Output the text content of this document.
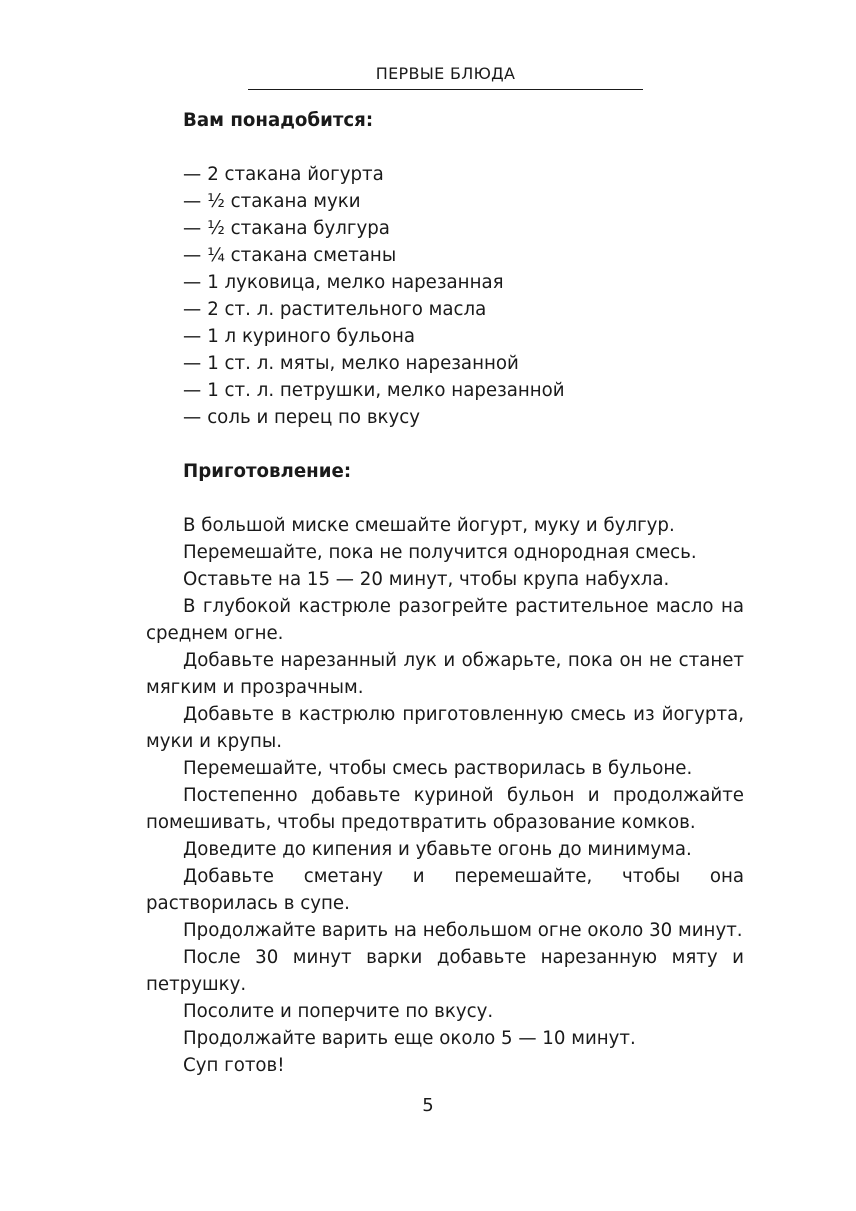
ПЕРВЫЕ БЛЮДА

Вам понадобится:

— 2 стакана йогурта
— ½ стакана муки
— ½ стакана булгура
— ¼ стакана сметаны
— 1 луковица, мелко нарезанная
— 2 ст. л. растительного масла
— 1 л куриного бульона
— 1 ст. л. мяты, мелко нарезанной
— 1 ст. л. петрушки, мелко нарезанной
— соль и перец по вкусу

Приготовление:

В большой миске смешайте йогурт, муку и булгур.

Перемешайте, пока не получится однородная смесь.

Оставьте на 15 — 20 минут, чтобы крупа набухла.

В глубокой кастрюле разогрейте растительное масло на среднем огне.

Добавьте нарезанный лук и обжарьте, пока он не станет мягким и прозрачным.

Добавьте в кастрюлю приготовленную смесь из йогурта, муки и крупы.

Перемешайте, чтобы смесь растворилась в бульоне.

Постепенно добавьте куриной бульон и продолжайте помешивать, чтобы предотвратить образование комков.

Доведите до кипения и убавьте огонь до минимума.

Добавьте сметану и перемешайте, чтобы она растворилась в супе.

Продолжайте варить на небольшом огне около 30 минут.

После 30 минут варки добавьте нарезанную мяту и петрушку.

Посолите и поперчите по вкусу.

Продолжайте варить еще около 5 — 10 минут.

Суп готов!

5
